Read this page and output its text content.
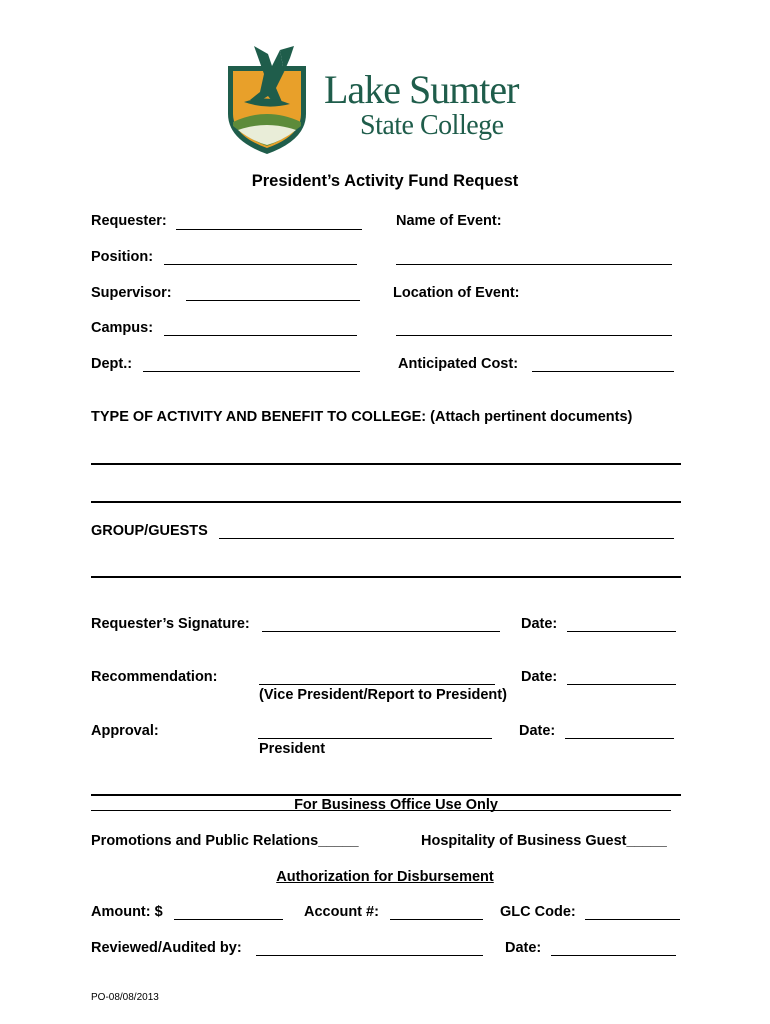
Lake Sumter
State College
President’s Activity Fund Request
Requester:	Name of Event:
Position:
Supervisor:	Location of Event:
Campus:
Dept.:	Anticipated Cost:
TYPE OF ACTIVITY AND BENEFIT TO COLLEGE: (Attach pertinent documents)
GROUP/GUESTS
Requester’s Signature:	Date:
Recommendation:	Date:
(Vice President/Report to President)
Approval:	Date:
President
For Business Office Use Only
Promotions and Public Relations_____	Hospitality of Business Guest_____
Authorization for Disbursement
Amount: $	Account #:	GLC Code:
Reviewed/Audited by:	Date:
PO-08/08/2013
